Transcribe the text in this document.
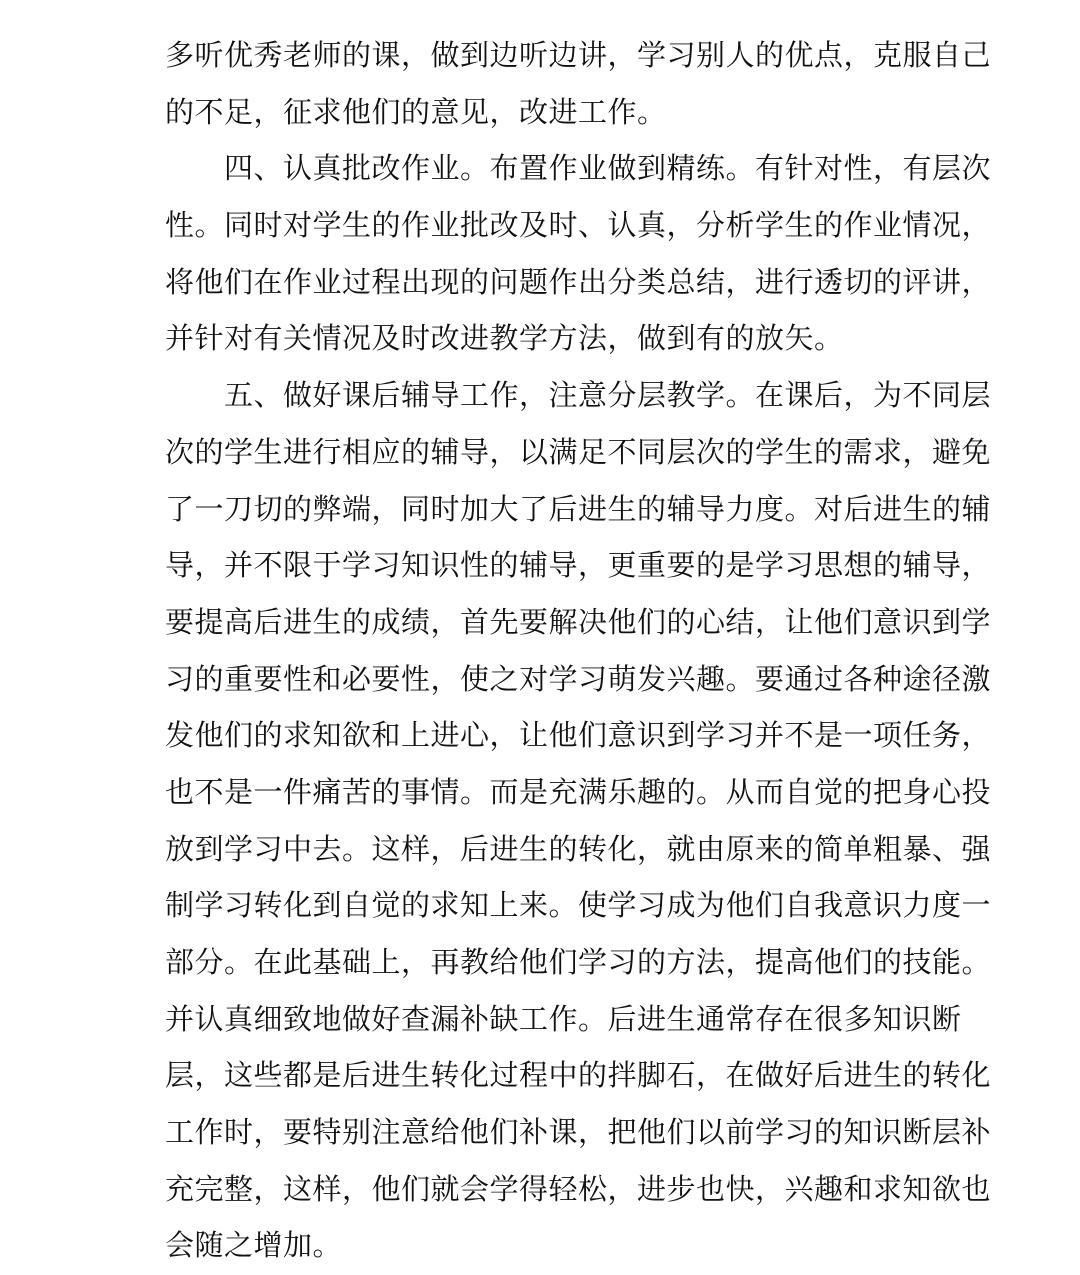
多听优秀老师的课，做到边听边讲，学习别人的优点，克服自己
的不足，征求他们的意见，改进工作。
　　四、认真批改作业。布置作业做到精练。有针对性，有层次
性。同时对学生的作业批改及时、认真，分析学生的作业情况，
将他们在作业过程出现的问题作出分类总结，进行透切的评讲，
并针对有关情况及时改进教学方法，做到有的放矢。
　　五、做好课后辅导工作，注意分层教学。在课后，为不同层
次的学生进行相应的辅导，以满足不同层次的学生的需求，避免
了一刀切的弊端，同时加大了后进生的辅导力度。对后进生的辅
导，并不限于学习知识性的辅导，更重要的是学习思想的辅导，
要提高后进生的成绩，首先要解决他们的心结，让他们意识到学
习的重要性和必要性，使之对学习萌发兴趣。要通过各种途径激
发他们的求知欲和上进心，让他们意识到学习并不是一项任务，
也不是一件痛苦的事情。而是充满乐趣的。从而自觉的把身心投
放到学习中去。这样，后进生的转化，就由原来的简单粗暴、强
制学习转化到自觉的求知上来。使学习成为他们自我意识力度一
部分。在此基础上，再教给他们学习的方法，提高他们的技能。
并认真细致地做好查漏补缺工作。后进生通常存在很多知识断
层，这些都是后进生转化过程中的拌脚石，在做好后进生的转化
工作时，要特别注意给他们补课，把他们以前学习的知识断层补
充完整，这样，他们就会学得轻松，进步也快，兴趣和求知欲也
会随之增加。
